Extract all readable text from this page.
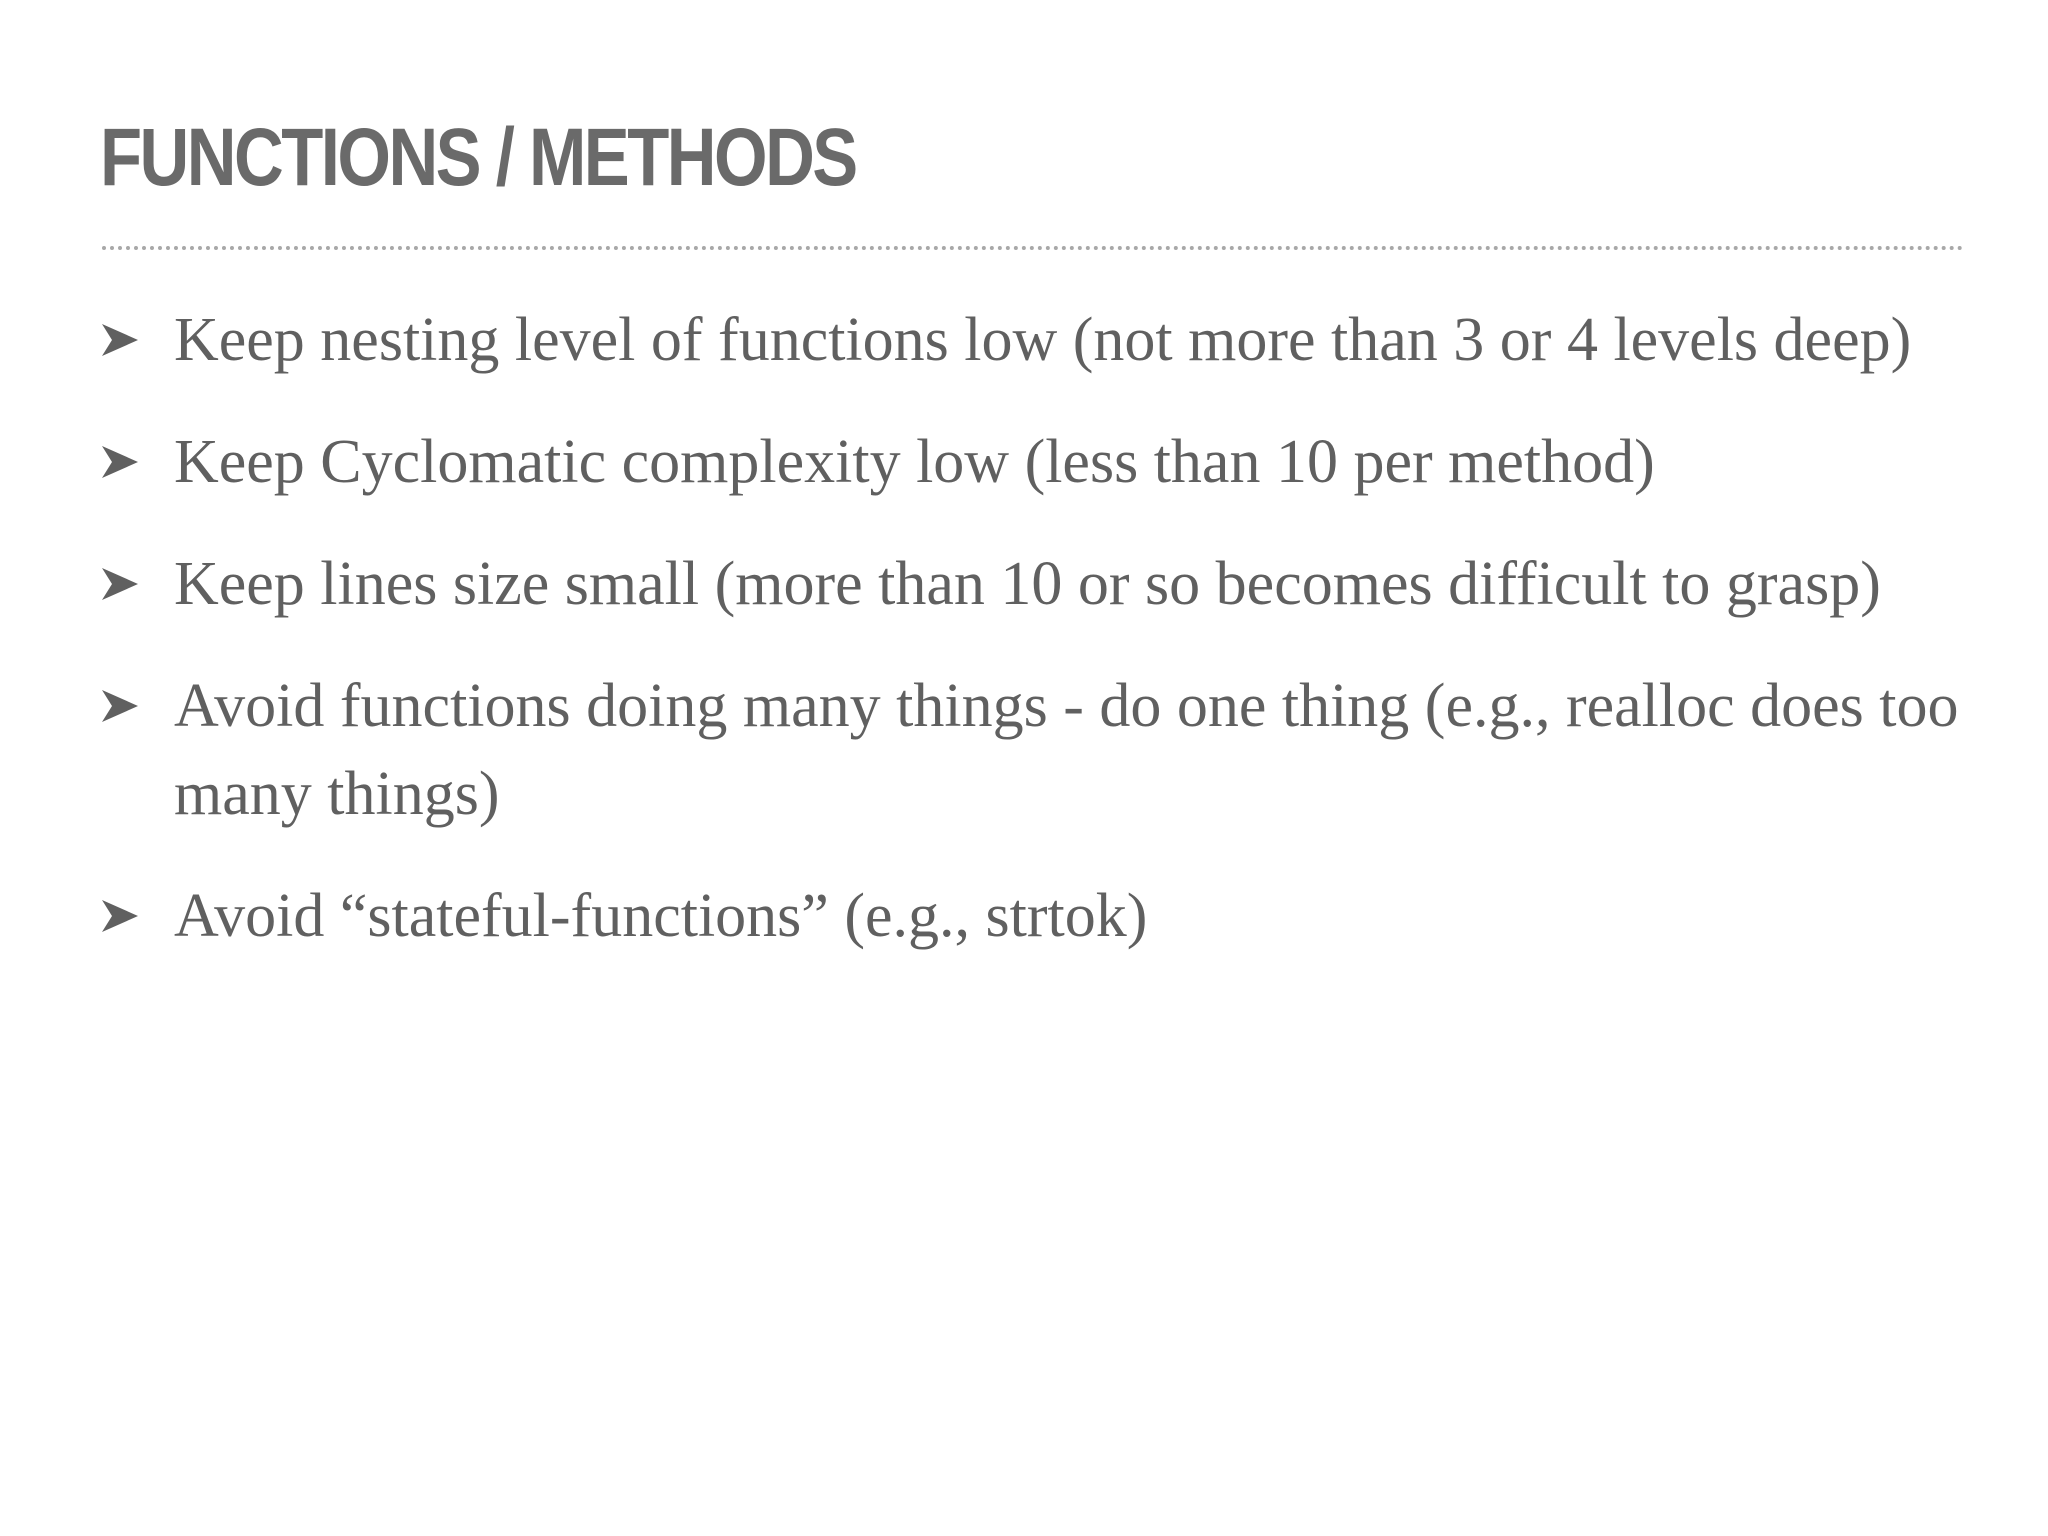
FUNCTIONS / METHODS
Keep nesting level of functions low (not more than 3 or 4 levels deep)
Keep Cyclomatic complexity low (less than 10 per method)
Keep lines size small (more than 10 or so becomes difficult to grasp)
Avoid functions doing many things - do one thing (e.g., realloc does too many things)
Avoid “stateful-functions” (e.g., strtok)
